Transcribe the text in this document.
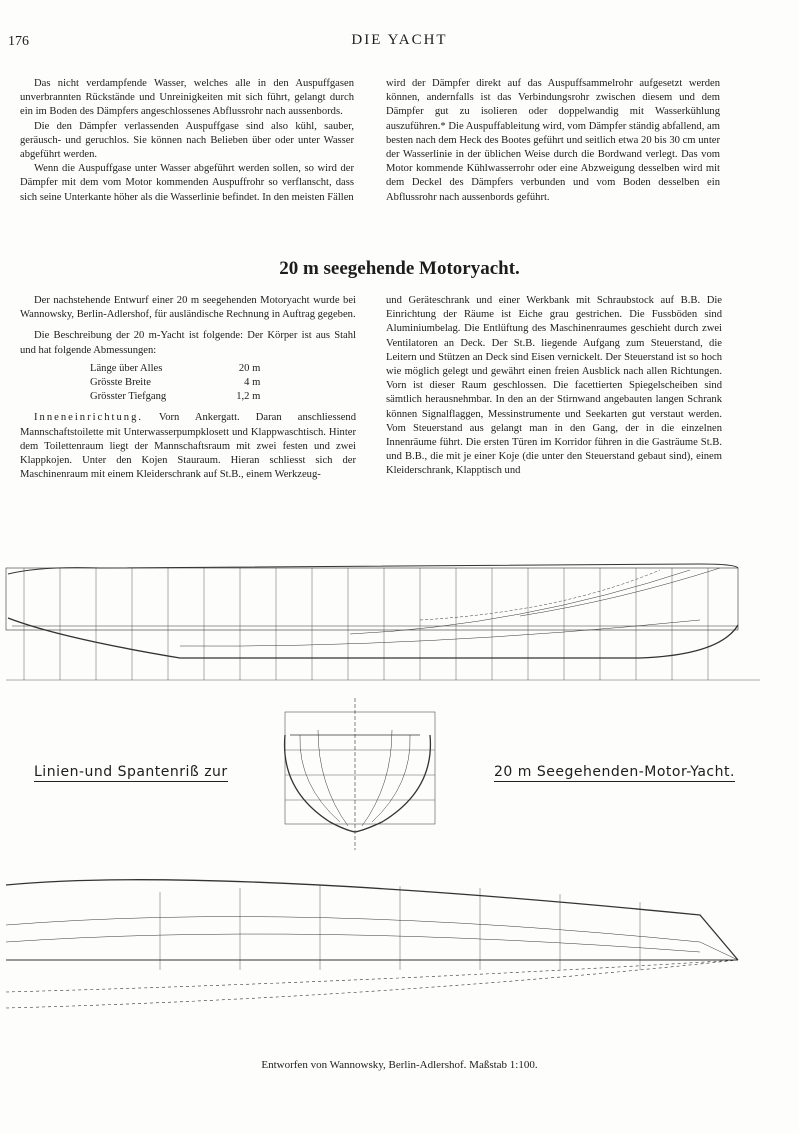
176	DIE YACHT

Das nicht verdampfende Wasser, welches alle in den Auspuffgasen unverbrannten Rückstände und Unreinigkeiten mit sich führt, gelangt durch ein im Boden des Dämpfers angeschlossenes Abflussrohr nach aussenbords.

Die den Dämpfer verlassenden Auspuffgase sind also kühl, sauber, geräusch- und geruchlos. Sie können nach Belieben über oder unter Wasser abgeführt werden.

Wenn die Auspuffgase unter Wasser abgeführt werden sollen, so wird der Dämpfer mit dem vom Motor kommenden Auspuffrohr so verflanscht, dass sich seine Unterkante höher als die Wasserlinie befindet. In den meisten Fällen

wird der Dämpfer direkt auf das Auspuffsammelrohr aufgesetzt werden können, andernfalls ist das Verbindungsrohr zwischen diesem und dem Dämpfer gut zu isolieren oder doppelwandig mit Wasserkühlung auszuführen.* Die Auspuffableitung wird, vom Dämpfer ständig abfallend, am besten nach dem Heck des Bootes geführt und seitlich etwa 20 bis 30 cm unter der Wasserlinie in der üblichen Weise durch die Bordwand verlegt. Das vom Motor kommende Kühlwasserrohr oder eine Abzweigung desselben wird mit dem Deckel des Dämpfers verbunden und vom Boden desselben ein Abflussrohr nach aussenbords geführt.

20 m seegehende Motoryacht.

Der nachstehende Entwurf einer 20 m seegehenden Motoryacht wurde bei Wannowsky, Berlin-Adlershof, für ausländische Rechnung in Auftrag gegeben.

Die Beschreibung der 20 m-Yacht ist folgende: Der Körper ist aus Stahl und hat folgende Abmessungen:

Länge über Alles	20 m
Grösste Breite	4 m
Grösster Tiefgang	1,2 m

Inneneinrichtung. Vorn Ankergatt. Daran anschliessend Mannschaftstoilette mit Unterwasserpumpklosett und Klappwaschtisch. Hinter dem Toilettenraum liegt der Mannschaftsraum mit zwei festen und zwei Klappkojen. Unter den Kojen Stauraum. Hieran schliesst sich der Maschinenraum mit einem Kleiderschrank auf St.B., einem Werkzeug-

und Geräteschrank und einer Werkbank mit Schraubstock auf B.B. Die Einrichtung der Räume ist Eiche grau gestrichen. Die Fussböden sind Aluminiumbelag. Die Entlüftung des Maschinenraumes geschieht durch zwei Ventilatoren an Deck. Der St.B. liegende Aufgang zum Steuerstand, die Leitern und Stützen an Deck sind Eisen vernickelt. Der Steuerstand ist so hoch wie möglich gelegt und gewährt einen freien Ausblick nach allen Richtungen. Vorn ist dieser Raum geschlossen. Die facettierten Spiegelscheiben sind sämtlich herausnehmbar. In den an der Stirnwand angebauten langen Schrank können Signalflaggen, Messinstrumente und Seekarten gut verstaut werden. Vom Steuerstand aus gelangt man in den Gang, der in die einzelnen Innenräume führt. Die ersten Türen im Korridor führen in die Gasträume St.B. und B.B., die mit je einer Koje (die unter den Steuerstand gebaut sind), einem Kleiderschrank, Klapptisch und

Linien-und Spantenriß zur	20 m Seegehenden-Motor-Yacht.
Entworfen von Wannowsky, Berlin-Adlershof. Maßstab 1:100.
